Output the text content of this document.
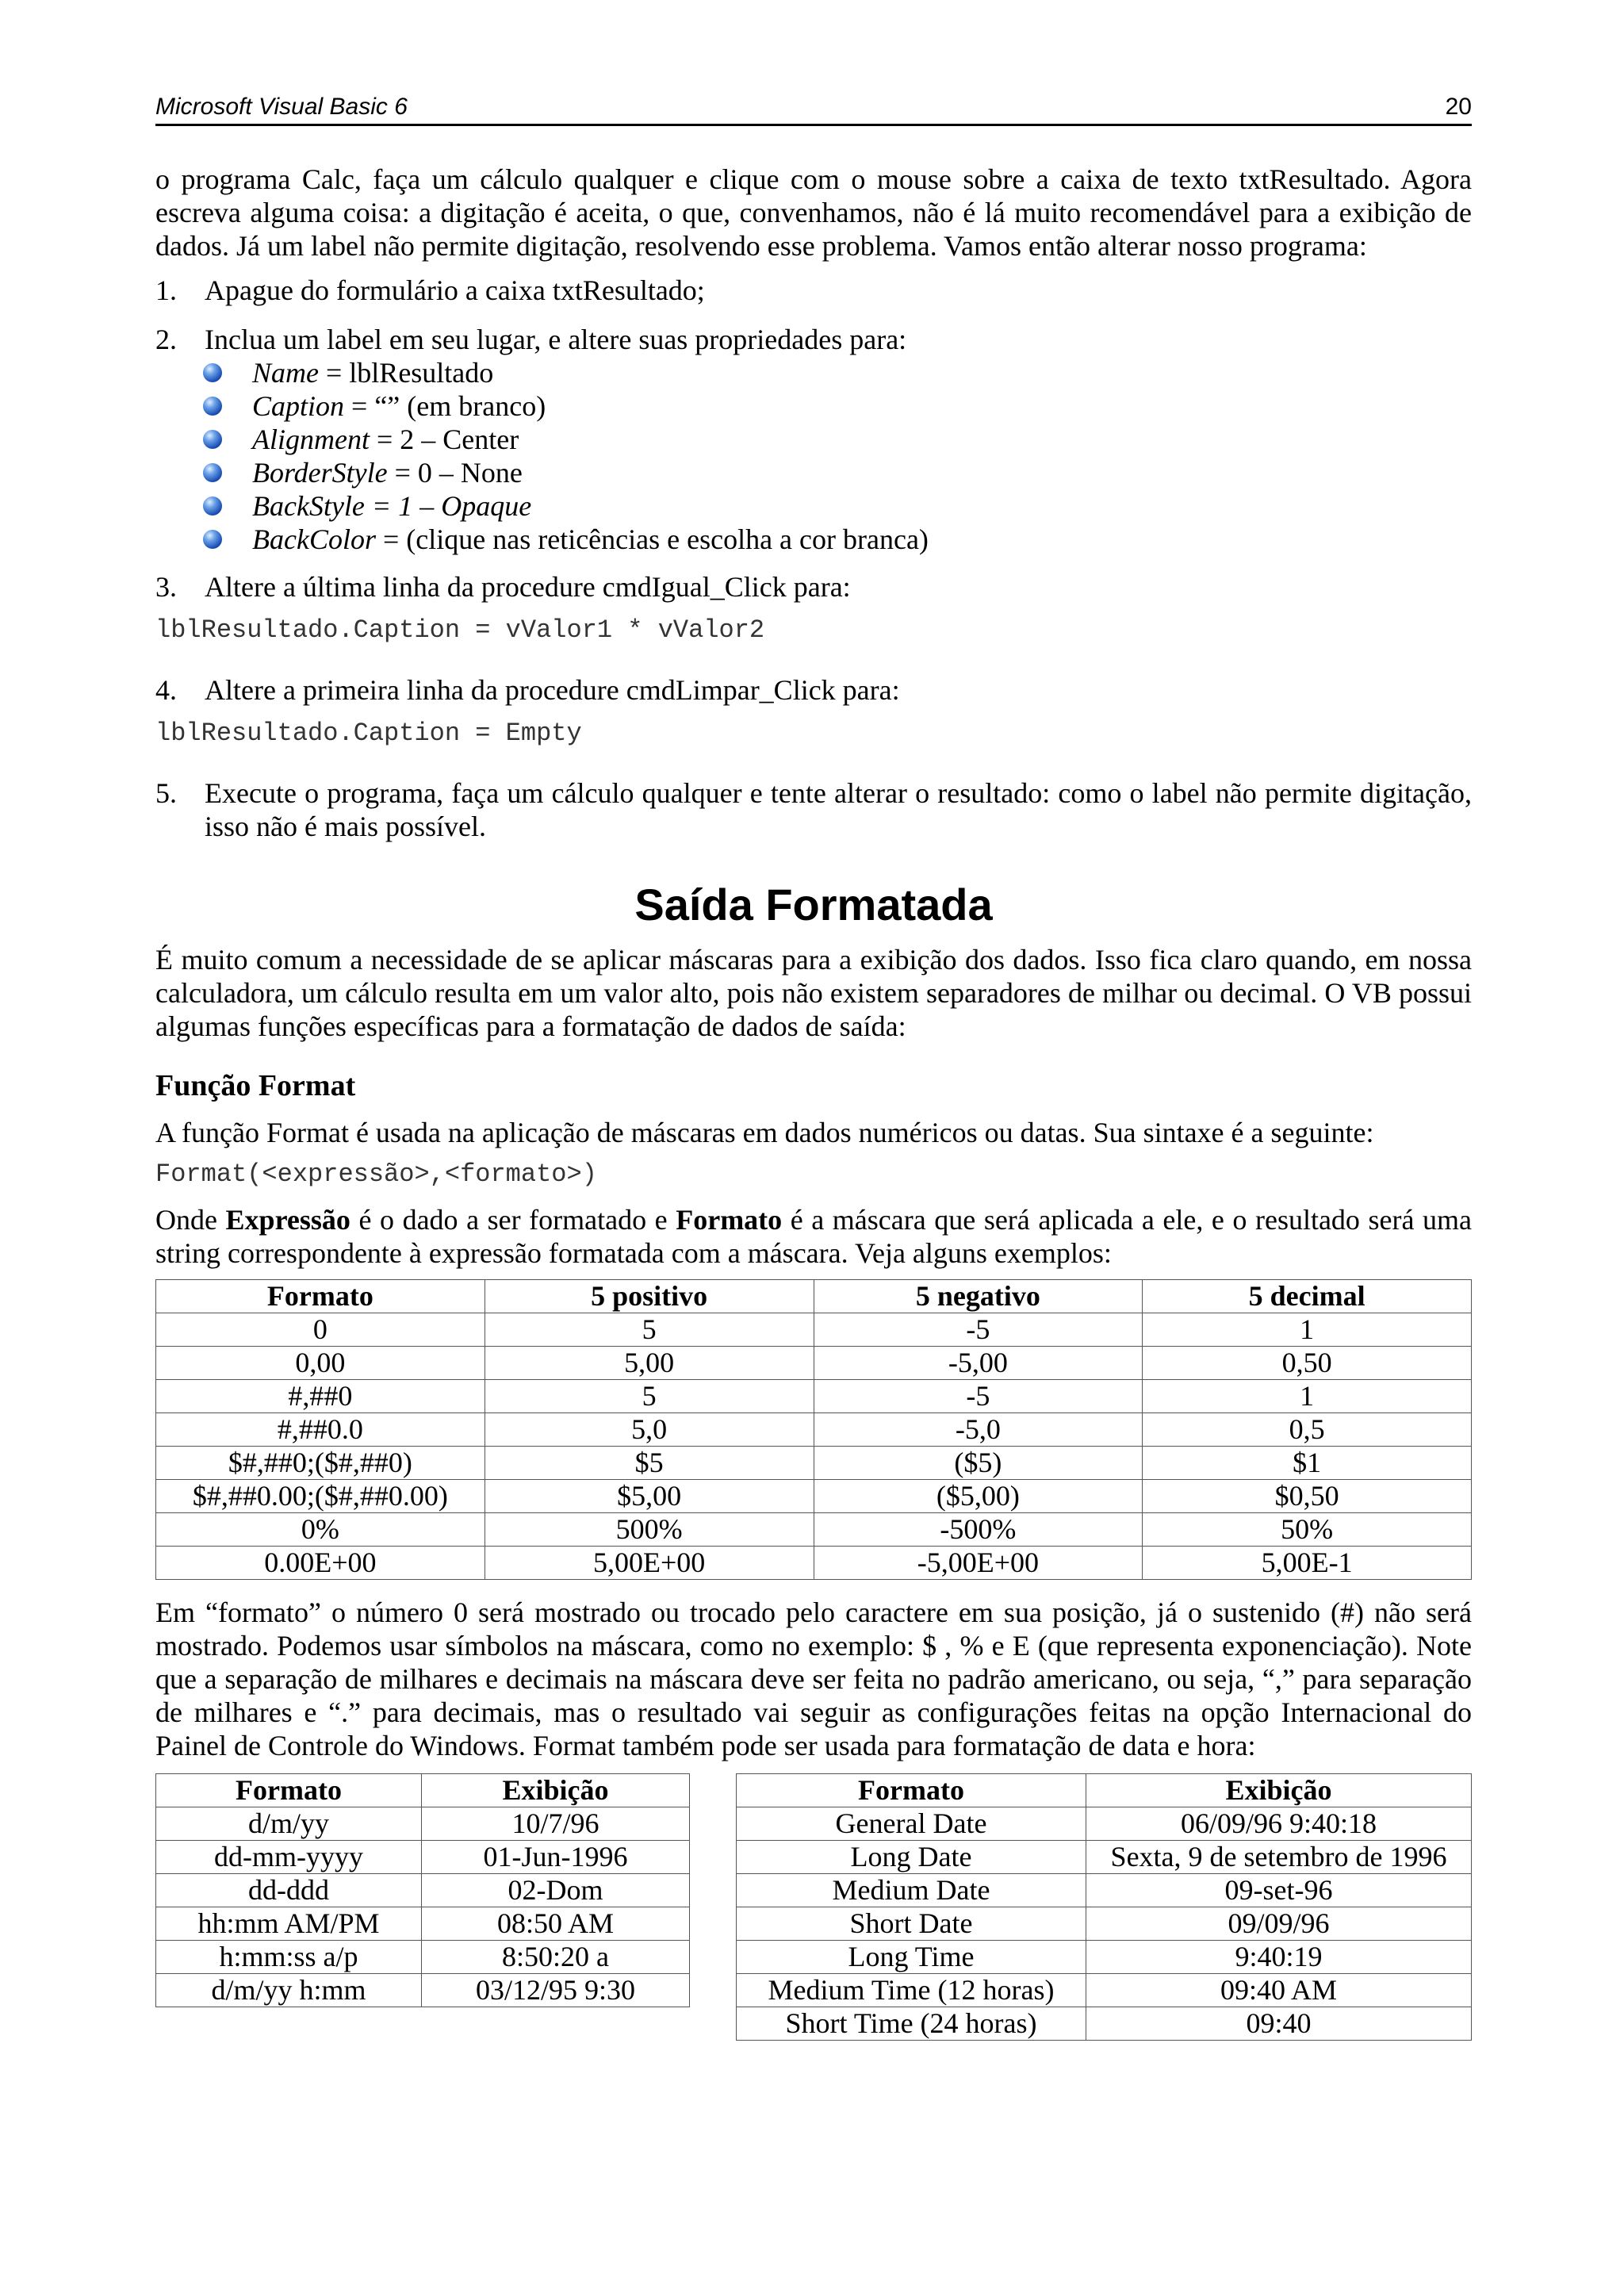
Microsoft Visual Basic 6	20

o programa Calc, faça um cálculo qualquer e clique com o mouse sobre a caixa de texto txtResultado. Agora escreva alguma coisa: a digitação é aceita, o que, convenhamos, não é lá muito recomendável para a exibição de dados. Já um label não permite digitação, resolvendo esse problema. Vamos então alterar nosso programa:

1. Apague do formulário a caixa txtResultado;
2. Inclua um label em seu lugar, e altere suas propriedades para:
Name = lblResultado
Caption = “” (em branco)
Alignment = 2 – Center
BorderStyle = 0 – None
BackStyle = 1 – Opaque
BackColor = (clique nas reticências e escolha a cor branca)
3. Altere a última linha da procedure cmdIgual_Click para:
lblResultado.Caption = vValor1 * vValor2
4. Altere a primeira linha da procedure cmdLimpar_Click para:
lblResultado.Caption = Empty
5. Execute o programa, faça um cálculo qualquer e tente alterar o resultado: como o label não permite digitação, isso não é mais possível.
Saída Formatada

É muito comum a necessidade de se aplicar máscaras para a exibição dos dados. Isso fica claro quando, em nossa calculadora, um cálculo resulta em um valor alto, pois não existem separadores de milhar ou decimal. O VB possui algumas funções específicas para a formatação de dados de saída:

Função Format

A função Format é usada na aplicação de máscaras em dados numéricos ou datas. Sua sintaxe é a seguinte:

Format(<expressão>,<formato>)

Onde Expressão é o dado a ser formatado e Formato é a máscara que será aplicada a ele, e o resultado será uma string correspondente à expressão formatada com a máscara. Veja alguns exemplos:

Formato	5 positivo	5 negativo	5 decimal
0	5	-5	1
0,00	5,00	-5,00	0,50
#,##0	5	-5	1
#,##0.0	5,0	-5,0	0,5
$#,##0;($#,##0)	$5	($5)	$1
$#,##0.00;($#,##0.00)	$5,00	($5,00)	$0,50
0%	500%	-500%	50%
0.00E+00	5,00E+00	-5,00E+00	5,00E-1

Em “formato” o número 0 será mostrado ou trocado pelo caractere em sua posição, já o sustenido (#) não será mostrado. Podemos usar símbolos na máscara, como no exemplo: $ , % e E (que representa exponenciação). Note que a separação de milhares e decimais na máscara deve ser feita no padrão americano, ou seja, “,” para separação de milhares e “.” para decimais, mas o resultado vai seguir as configurações feitas na opção Internacional do Painel de Controle do Windows. Format também pode ser usada para formatação de data e hora:

Formato	Exibição
d/m/yy	10/7/96
dd-mm-yyyy	01-Jun-1996
dd-ddd	02-Dom
hh:mm AM/PM	08:50 AM
h:mm:ss a/p	8:50:20 a
d/m/yy h:mm	03/12/95 9:30
Formato	Exibição
General Date	06/09/96 9:40:18
Long Date	Sexta, 9 de setembro de 1996
Medium Date	09-set-96
Short Date	09/09/96
Long Time	9:40:19
Medium Time (12 horas)	09:40 AM
Short Time (24 horas)	09:40
